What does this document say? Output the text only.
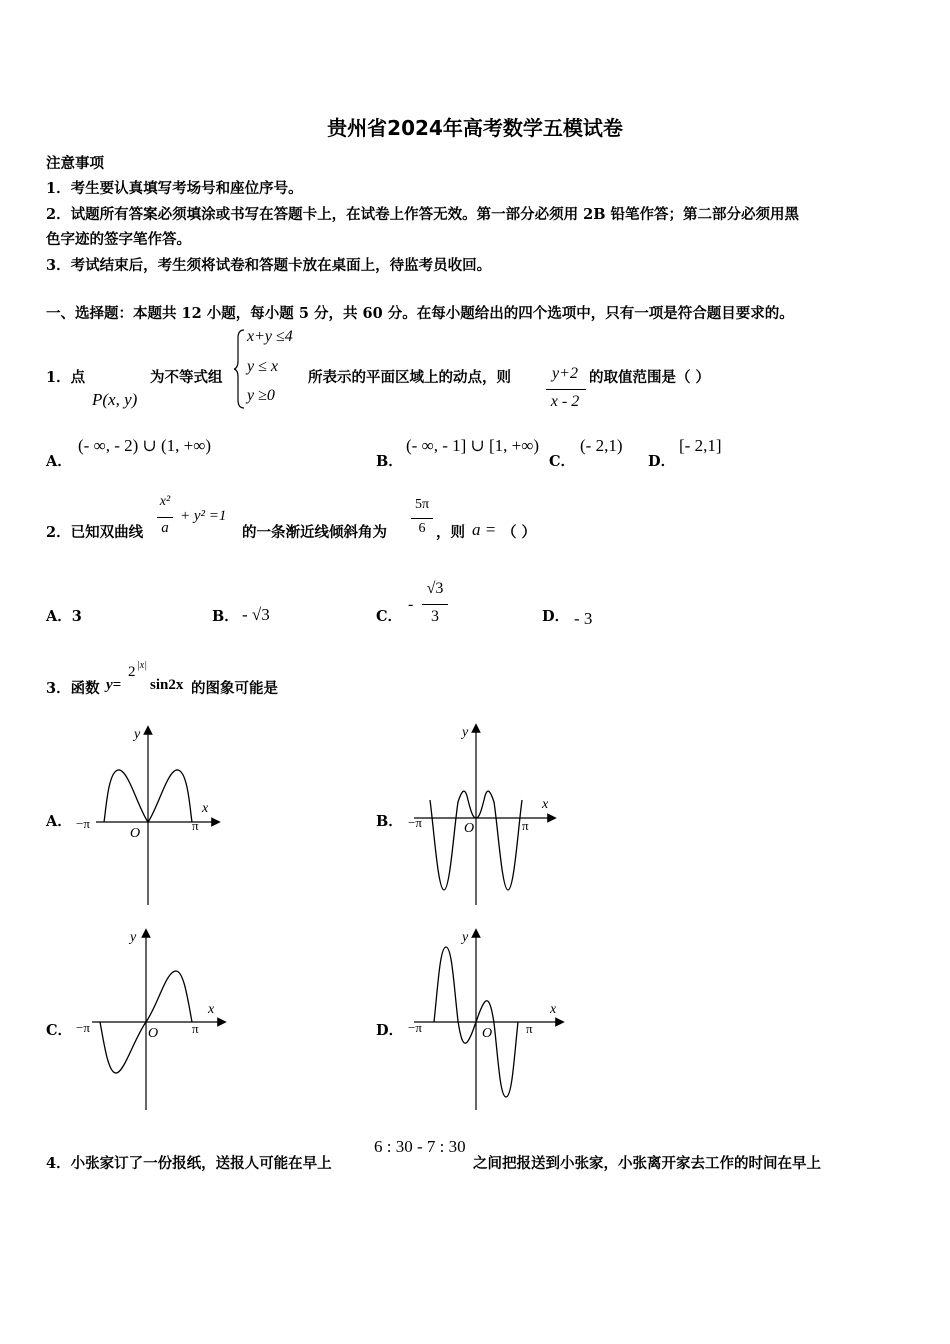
贵州省2024年高考数学五模试卷
注意事项
1．考生要认真填写考场号和座位序号。
2．试题所有答案必须填涂或书写在答题卡上，在试卷上作答无效。第一部分必须用 2B 铅笔作答；第二部分必须用黑
色字迹的签字笔作答。
3．考试结束后，考生须将试卷和答题卡放在桌面上，待监考员收回。
一、选择题：本题共 12 小题，每小题 5 分，共 60 分。在每小题给出的四个选项中，只有一项是符合题目要求的。
1．点
P(x, y)
为不等式组
x+y ≤4
y ≤ x
y ≥0
所表示的平面区域上的动点，则	y+2
x - 2
的取值范围是（ ）
A．
(- ∞, - 2) ∪ (1, +∞)
B．
(- ∞, - 1] ∪ [1, +∞)
C．
(- 2,1)
D．
[- 2,1]
2．已知双曲线
x²
a
+ y² =1
的一条渐近线倾斜角为
5π
6 ，则 a = （ ）
A．3	B． - √3	C．
-
√3
3	D． - 3
3．函数 y=
2 |x|
sin2x 的图象可能是
A．	B．
C．	D．
y
x
O
−π	π
y
x
O
−π	π
y
x
O
−π	π
y
x
O
−π	π
4．小张家订了一份报纸，送报人可能在早上
6 : 30 - 7 : 30
之间把报送到小张家，小张离开家去工作的时间在早上
